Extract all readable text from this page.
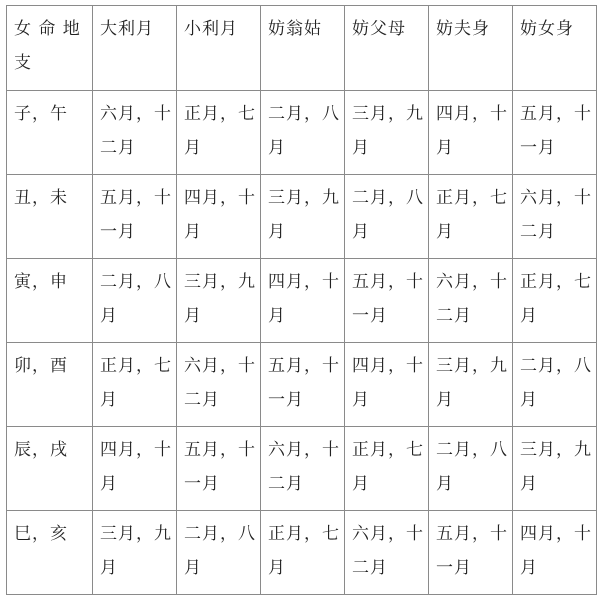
女 命 地支	大利月	小利月	妨翁姑	妨父母	妨夫身	妨女身
子，午	六月，十二月	正月，七月	二月，八月	三月，九月	四月，十月	五月，十一月
丑，未	五月，十一月	四月，十月	三月，九月	二月，八月	正月，七月	六月，十二月
寅，申	二月，八月	三月，九月	四月，十月	五月，十一月	六月，十二月	正月，七月
卯，酉	正月，七月	六月，十二月	五月，十一月	四月，十月	三月，九月	二月，八月
辰，戌	四月，十月	五月，十一月	六月，十二月	正月，七月	二月，八月	三月，九月
巳，亥	三月，九月	二月，八月	正月，七月	六月，十二月	五月，十一月	四月，十月
